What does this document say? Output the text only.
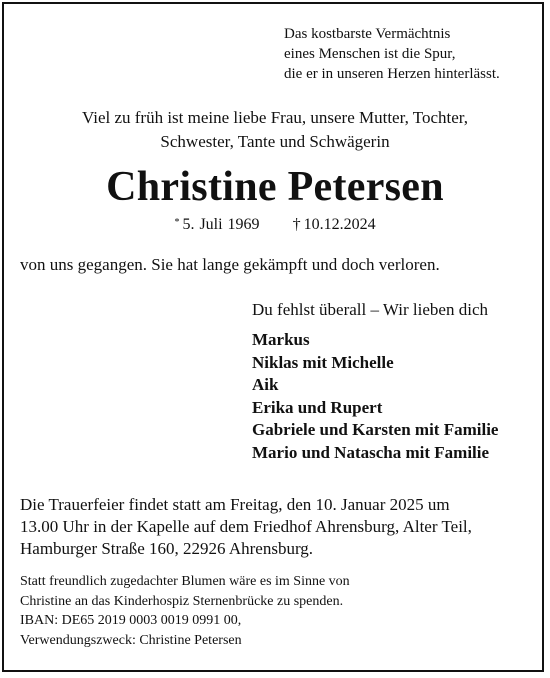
Das kostbarste Vermächtnis
eines Menschen ist die Spur,
die er in unseren Herzen hinterlässt.
Viel zu früh ist meine liebe Frau, unsere Mutter, Tochter,
Schwester, Tante und Schwägerin
Christine Petersen
* 5. Juli 1969 † 10.12.2024
von uns gegangen. Sie hat lange gekämpft und doch verloren.
Du fehlst überall – Wir lieben dich
Markus
Niklas mit Michelle
Aik
Erika und Rupert
Gabriele und Karsten mit Familie
Mario und Natascha mit Familie
Die Trauerfeier findet statt am Freitag, den 10. Januar 2025 um
13.00 Uhr in der Kapelle auf dem Friedhof Ahrensburg, Alter Teil,
Hamburger Straße 160, 22926 Ahrensburg.
Statt freundlich zugedachter Blumen wäre es im Sinne von
Christine an das Kinderhospiz Sternenbrücke zu spenden.
IBAN: DE65 2019 0003 0019 0991 00,
Verwendungszweck: Christine Petersen
